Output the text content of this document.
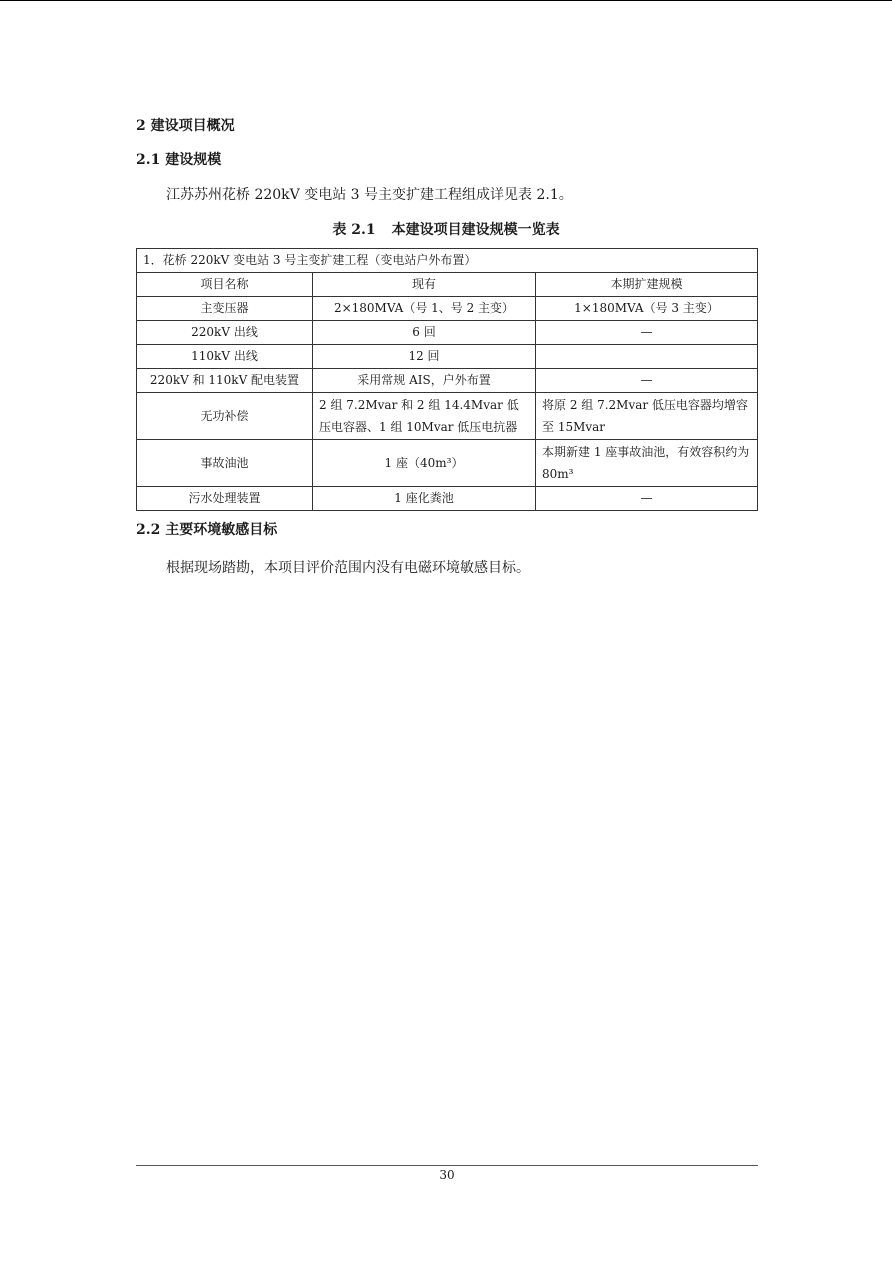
2 建设项目概况
2.1 建设规模
江苏苏州花桥 220kV 变电站 3 号主变扩建工程组成详见表 2.1。
表 2.1 本建设项目建设规模一览表
1．花桥 220kV 变电站 3 号主变扩建工程（变电站户外布置）		
项目名称	现有	本期扩建规模
主变压器	2×180MVA（号 1、号 2 主变）	1×180MVA（号 3 主变）
220kV 出线	6 回	—
110kV 出线	12 回	
220kV 和 110kV 配电装置	采用常规 AIS，户外布置	—
无功补偿	2 组 7.2Mvar 和 2 组 14.4Mvar 低压电容器、1 组 10Mvar 低压电抗器	将原 2 组 7.2Mvar 低压电容器均增容至 15Mvar
事故油池	1 座（40m³）	本期新建 1 座事故油池，有效容积约为 80m³
污水处理装置	1 座化粪池	—
2.2 主要环境敏感目标
根据现场踏勘，本项目评价范围内没有电磁环境敏感目标。
30
